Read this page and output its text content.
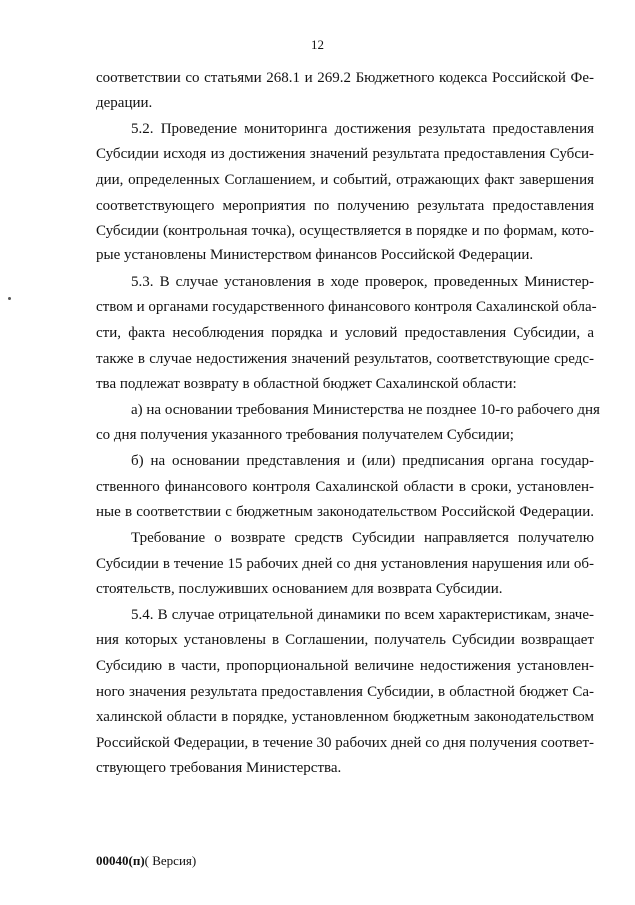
12
соответствии со статьями 268.1 и 269.2 Бюджетного кодекса Российской Фе-
дерации.
5.2. Проведение мониторинга достижения результата предоставления
Субсидии исходя из достижения значений результата предоставления Субси-
дии, определенных Соглашением, и событий, отражающих факт завершения
соответствующего мероприятия по получению результата предоставления
Субсидии (контрольная точка), осуществляется в порядке и по формам, кото-
рые установлены Министерством финансов Российской Федерации.
5.3. В случае установления в ходе проверок, проведенных Министер-
ством и органами государственного финансового контроля Сахалинской обла-
сти, факта несоблюдения порядка и условий предоставления Субсидии, а
также в случае недостижения значений результатов, соответствующие средс-
тва подлежат возврату в областной бюджет Сахалинской области:
а) на основании требования Министерства не позднее 10-го рабочего дня
со дня получения указанного требования получателем Субсидии;
б) на основании представления и (или) предписания органа государ-
ственного финансового контроля Сахалинской области в сроки, установлен-
ные в соответствии с бюджетным законодательством Российской Федерации.
Требование о возврате средств Субсидии направляется получателю
Субсидии в течение 15 рабочих дней со дня установления нарушения или об-
стоятельств, послуживших основанием для возврата Субсидии.
5.4. В случае отрицательной динамики по всем характеристикам, значе-
ния которых установлены в Соглашении, получатель Субсидии возвращает
Субсидию в части, пропорциональной величине недостижения установлен-
ного значения результата предоставления Субсидии, в областной бюджет Са-
халинской области в порядке, установленном бюджетным законодательством
Российской Федерации, в течение 30 рабочих дней со дня получения соответ-
ствующего требования Министерства.
00040(п)( Версия)
